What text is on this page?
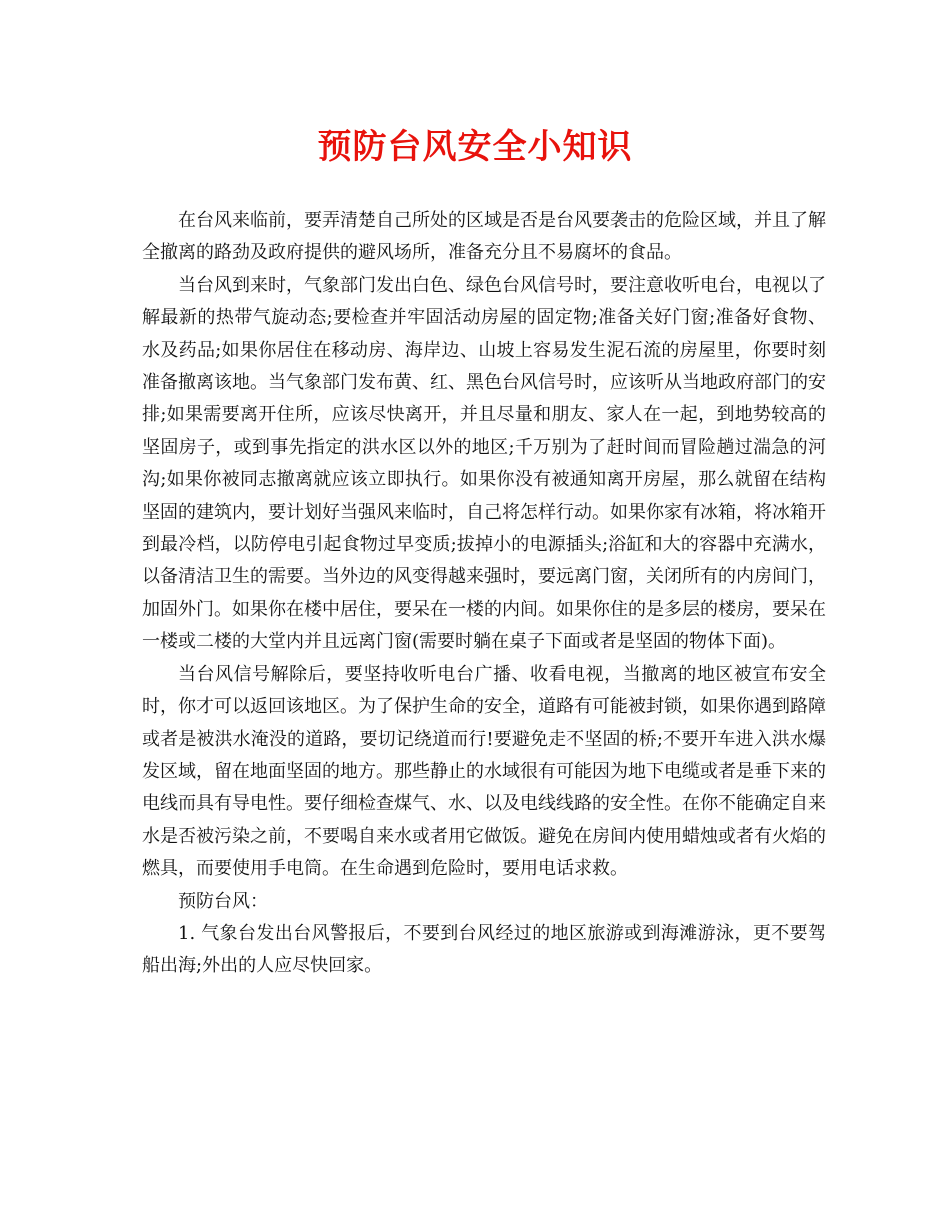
预防台风安全小知识

在台风来临前，要弄清楚自己所处的区域是否是台风要袭击的危险区域，并且了解全撤离的路劲及政府提供的避风场所，准备充分且不易腐坏的食品。

当台风到来时，气象部门发出白色、绿色台风信号时，要注意收听电台，电视以了解最新的热带气旋动态;要检查并牢固活动房屋的固定物;准备关好门窗;准备好食物、水及药品;如果你居住在移动房、海岸边、山坡上容易发生泥石流的房屋里，你要时刻准备撤离该地。当气象部门发布黄、红、黑色台风信号时，应该听从当地政府部门的安排;如果需要离开住所，应该尽快离开，并且尽量和朋友、家人在一起，到地势较高的坚固房子，或到事先指定的洪水区以外的地区;千万别为了赶时间而冒险趟过湍急的河沟;如果你被同志撤离就应该立即执行。如果你没有被通知离开房屋，那么就留在结构坚固的建筑内，要计划好当强风来临时，自己将怎样行动。如果你家有冰箱，将冰箱开到最冷档，以防停电引起食物过早变质;拔掉小的电源插头;浴缸和大的容器中充满水，以备清洁卫生的需要。当外边的风变得越来强时，要远离门窗，关闭所有的内房间门，加固外门。如果你在楼中居住，要呆在一楼的内间。如果你住的是多层的楼房，要呆在一楼或二楼的大堂内并且远离门窗(需要时躺在桌子下面或者是坚固的物体下面)。

当台风信号解除后，要坚持收听电台广播、收看电视，当撤离的地区被宣布安全时，你才可以返回该地区。为了保护生命的安全，道路有可能被封锁，如果你遇到路障或者是被洪水淹没的道路，要切记绕道而行!要避免走不坚固的桥;不要开车进入洪水爆发区域，留在地面坚固的地方。那些静止的水域很有可能因为地下电缆或者是垂下来的电线而具有导电性。要仔细检查煤气、水、以及电线线路的安全性。在你不能确定自来水是否被污染之前，不要喝自来水或者用它做饭。避免在房间内使用蜡烛或者有火焰的燃具，而要使用手电筒。在生命遇到危险时，要用电话求救。

预防台风：

1. 气象台发出台风警报后，不要到台风经过的地区旅游或到海滩游泳，更不要驾船出海;外出的人应尽快回家。
